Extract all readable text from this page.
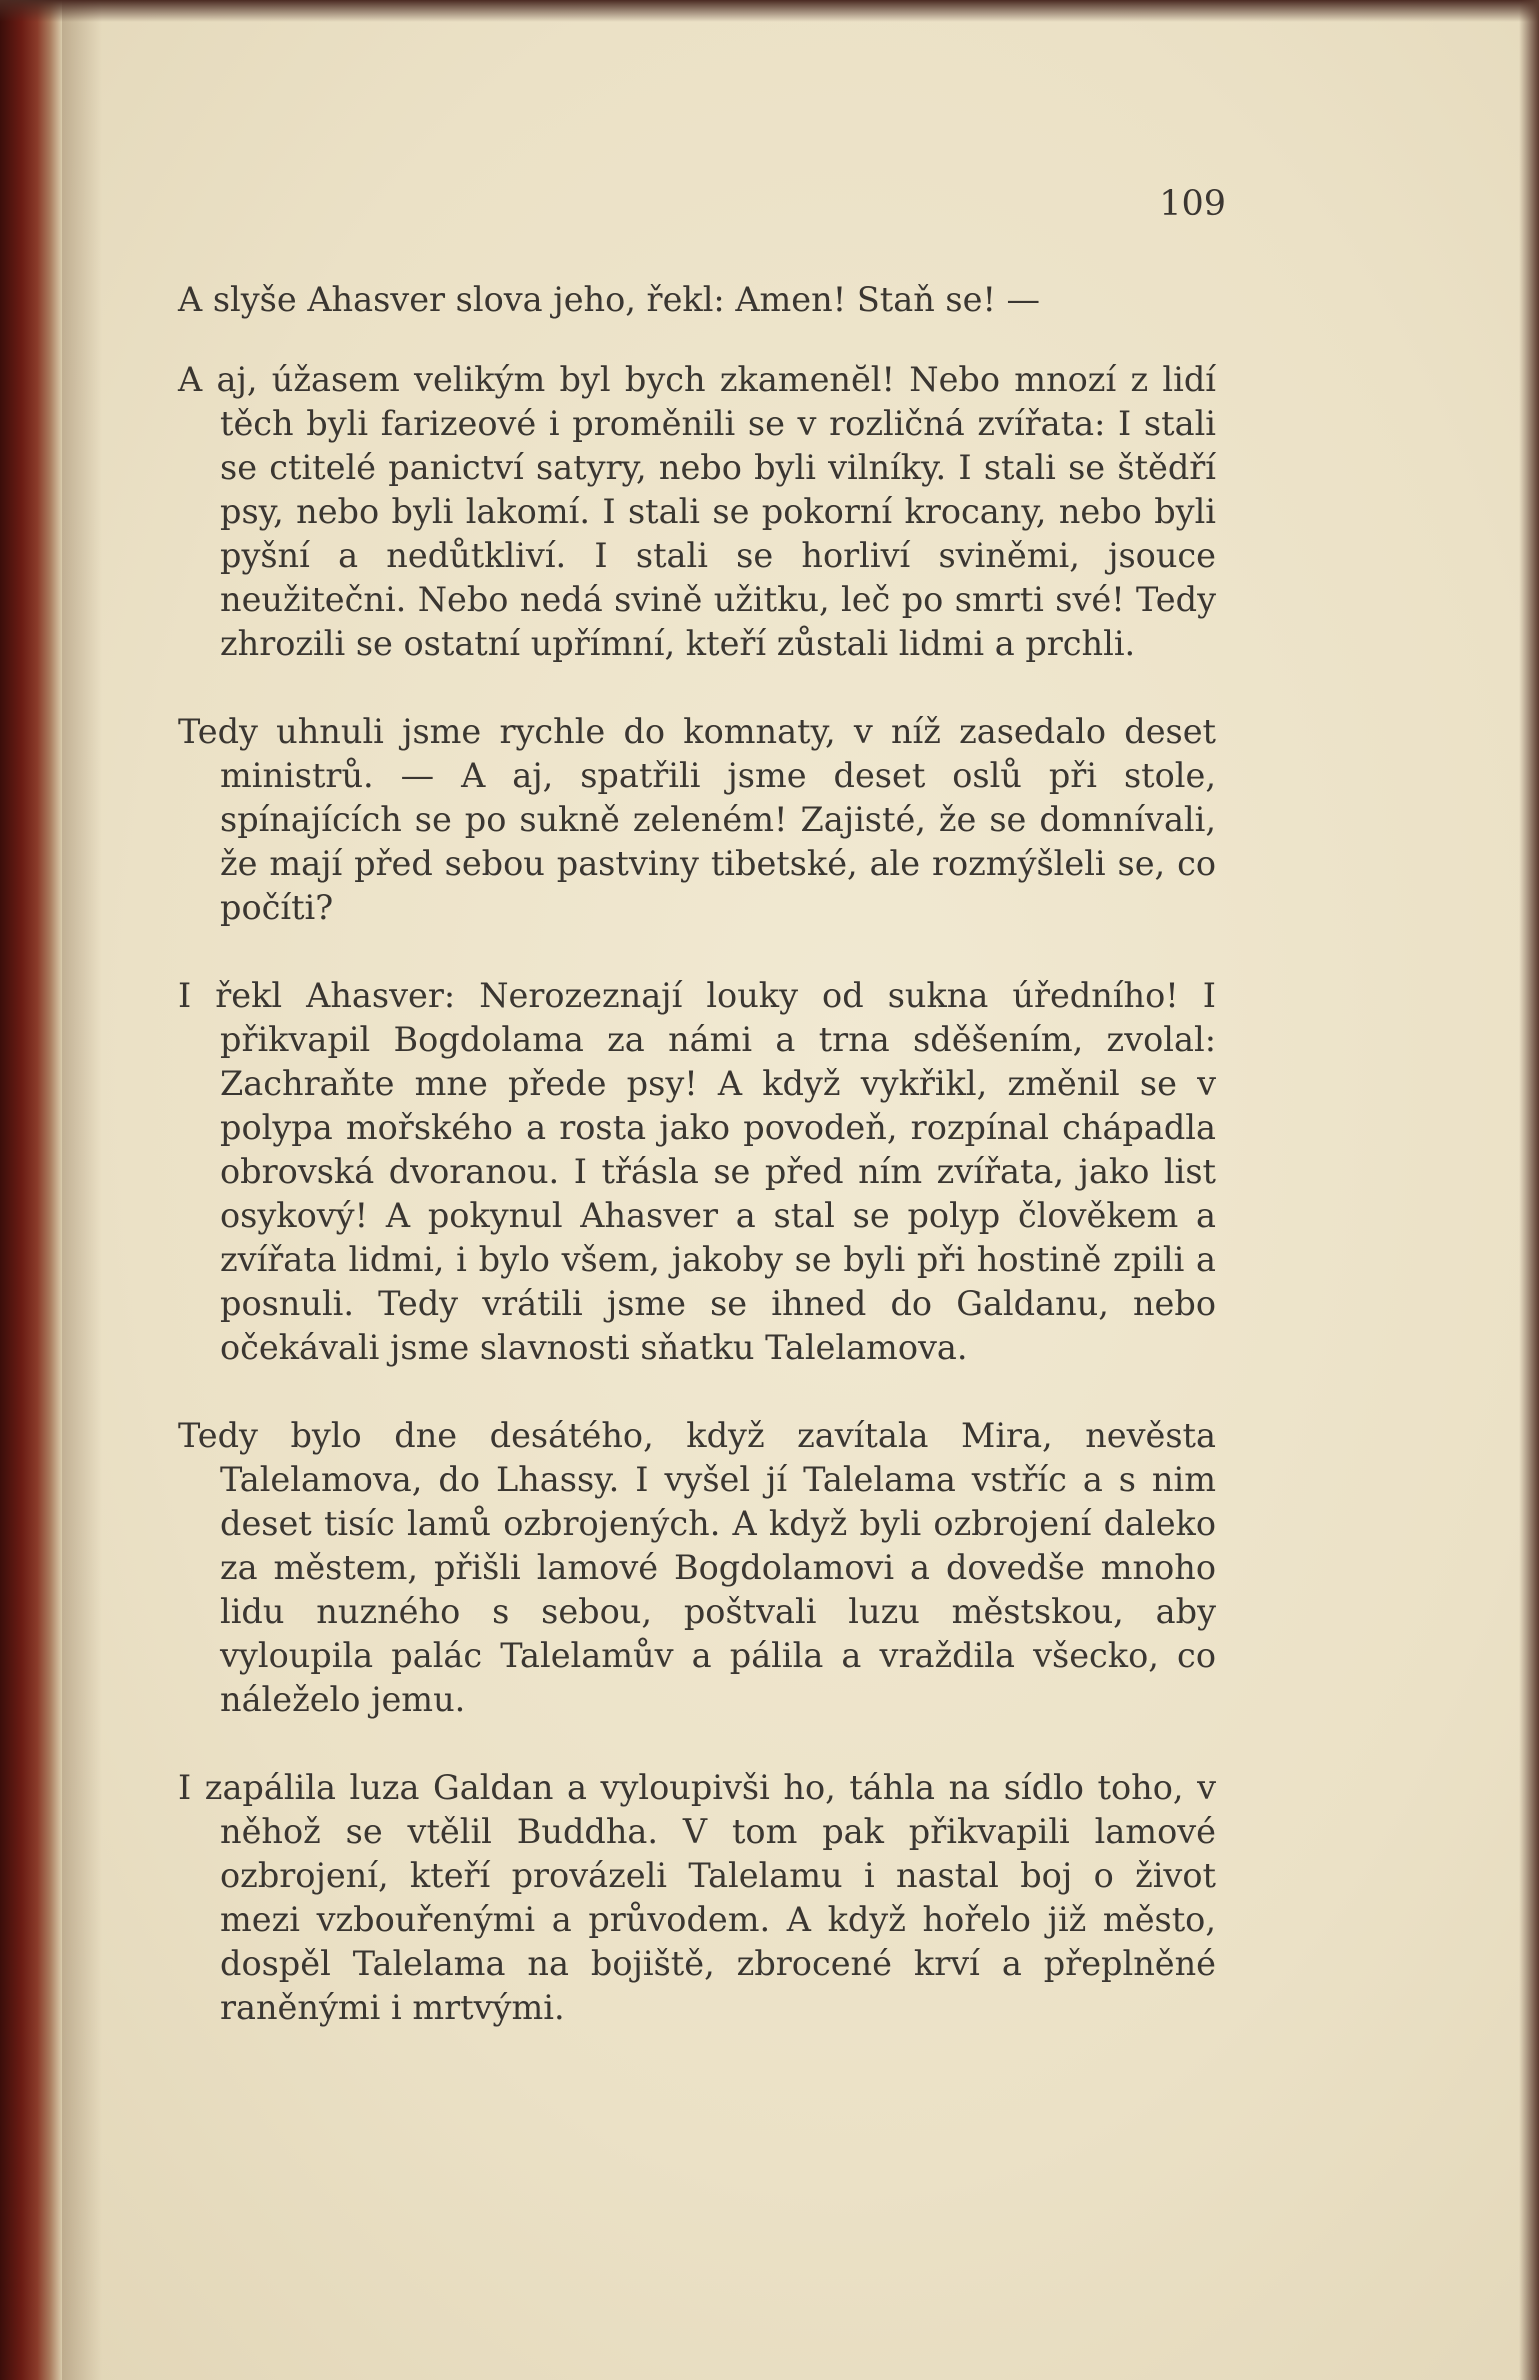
109

A slyše Ahasver slova jeho, řekl: Amen! Staň se! —

A aj, úžasem velikým byl bych zkamenĕl! Nebo mnozí z lidí těch byli farizeové i proměnili se v rozličná zvířata: I stali se ctitelé panictví satyry, nebo byli vilníky. I stali se štědří psy, nebo byli lakomí. I stali se pokorní krocany, nebo byli pyšní a nedůtkliví. I stali se horliví sviněmi, jsouce neužitečni. Nebo nedá svině užitku, leč po smrti své! Tedy zhrozili se ostatní upřímní, kteří zůstali lidmi a prchli.

Tedy uhnuli jsme rychle do komnaty, v níž zasedalo deset ministrů. — A aj, spatřili jsme deset oslů při stole, spínajících se po sukně zeleném! Zajisté, že se domnívali, že mají před sebou pastviny tibetské, ale rozmýšleli se, co počíti?

I řekl Ahasver: Nerozeznají louky od sukna úředního! I přikvapil Bogdolama za námi a trna sděšením, zvolal: Zachraňte mne přede psy! A když vykřikl, změnil se v polypa mořského a rosta jako povodeň, rozpínal chápadla obrovská dvoranou. I třásla se před ním zvířata, jako list osykový! A pokynul Ahasver a stal se polyp člověkem a zvířata lidmi, i bylo všem, jakoby se byli při hostině zpili a posnuli. Tedy vrátili jsme se ihned do Galdanu, nebo očekávali jsme slavnosti sňatku Talelamova.

Tedy bylo dne desátého, když zavítala Mira, nevěsta Talelamova, do Lhassy. I vyšel jí Talelama vstříc a s nim deset tisíc lamů ozbrojených. A když byli ozbrojení daleko za městem, přišli lamové Bogdolamovi a dovedše mnoho lidu nuzného s sebou, poštvali luzu městskou, aby vyloupila palác Talelamův a pálila a vraždila všecko, co náleželo jemu.

I zapálila luza Galdan a vyloupivši ho, táhla na sídlo toho, v něhož se vtělil Buddha. V tom pak přikvapili lamové ozbrojení, kteří provázeli Talelamu i nastal boj o život mezi vzbouřenými a průvodem. A když hořelo již město, dospěl Talelama na bojiště, zbrocené krví a přeplněné raněnými i mrtvými.
